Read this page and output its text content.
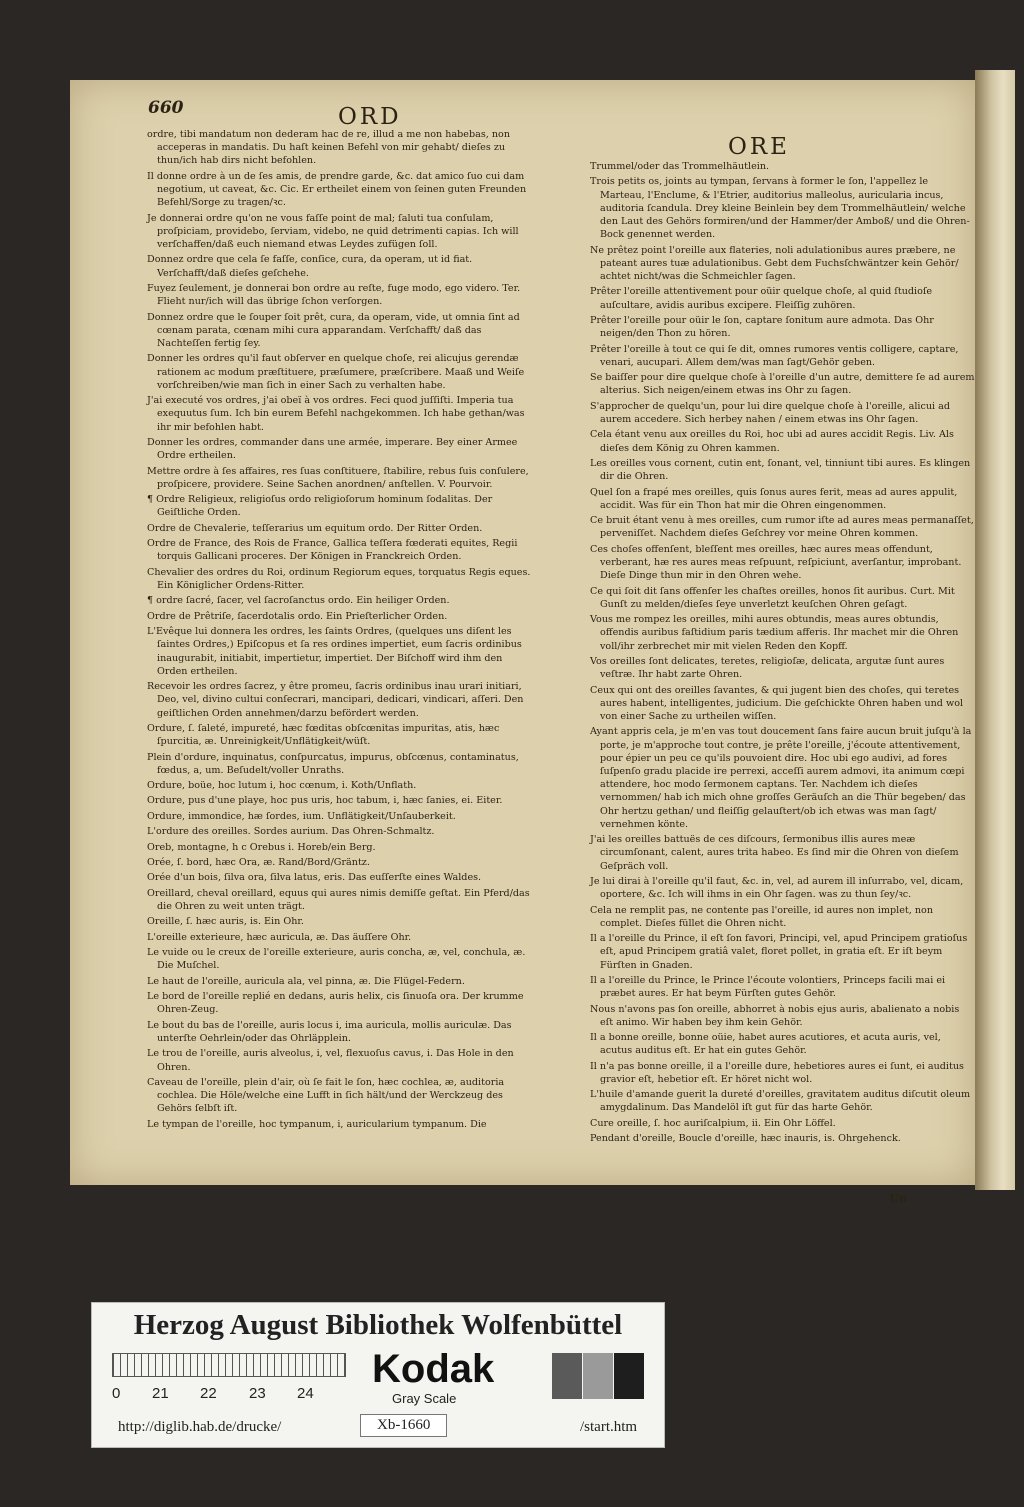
660	ORD
ORE
ordre, tibi mandatum non dederam hac de re, illud a me non habebas, non acceperas in mandatis. Du haſt keinen Befehl von mir gehabt/ dieſes zu thun/ich hab dirs nicht befohlen.
Il donne ordre à un de ſes amis, de prendre garde, &c. dat amico ſuo cui dam negotium, ut caveat, &c. Cic. Er ertheilet einem von ſeinen guten Freunden Befehl/Sorge zu tragen/ꝛc.
Je donnerai ordre qu'on ne vous faſſe point de mal; ſaluti tua conſulam, proſpiciam, providebo, ſerviam, videbo, ne quid detrimenti capias. Ich will verſchaffen/daß euch niemand etwas Leydes zufügen ſoll.
Donnez ordre que cela ſe faſſe, conſice, cura, da operam, ut id fiat. Verſchafft/daß dieſes geſchehe.
Fuyez ſeulement, je donnerai bon ordre au reſte, fuge modo, ego videro. Ter. Flieht nur/ich will das übrige ſchon verſorgen.
Donnez ordre que le ſouper ſoit prêt, cura, da operam, vide, ut omnia ſint ad cœnam parata, cœnam mihi cura apparandam. Verſchafft/ daß das Nachteſſen fertig ſey.
Donner les ordres qu'il faut obſerver en quelque choſe, rei alicujus gerendæ rationem ac modum præſtituere, præſumere, præſcribere. Maaß und Weiſe vorſchreiben/wie man ſich in einer Sach zu verhalten habe.
J'ai executé vos ordres, j'ai obeï à vos ordres. Feci quod juſſiſti. Imperia tua exequutus ſum. Ich bin eurem Befehl nachgekommen. Ich habe gethan/was ihr mir befohlen habt.
Donner les ordres, commander dans une armée, imperare. Bey einer Armee Ordre ertheilen.
Mettre ordre à ſes affaires, res ſuas conſtituere, ſtabilire, rebus ſuis conſulere, proſpicere, providere. Seine Sachen anordnen/ anſtellen. V. Pourvoir.
¶ Ordre Religieux, religioſus ordo religioſorum hominum ſodalitas. Der Geiſtliche Orden.
Ordre de Chevalerie, teſſerarius um equitum ordo. Der Ritter Orden.
Ordre de France, des Rois de France, Gallica teſſera fœderati equites, Regii torquis Gallicani proceres. Der Königen in Franckreich Orden.
Chevalier des ordres du Roi, ordinum Regiorum eques, torquatus Regis eques. Ein Königlicher Ordens-Ritter.
¶ ordre ſacré, ſacer, vel ſacroſanctus ordo. Ein heiliger Orden.
Ordre de Prêtriſe, ſacerdotalis ordo. Ein Prieſterlicher Orden.
L'Evêque lui donnera les ordres, les ſaints Ordres, (quelques uns diſent les ſaintes Ordres,) Epiſcopus et ſa res ordines impertiet, eum ſacris ordinibus inaugurabit, initiabit, impertietur, impertiet. Der Biſchoff wird ihm den Orden ertheilen.
Recevoir les ordres ſacrez, y être promeu, ſacris ordinibus inau urari initiari, Deo, vel, divino cultui conſecrari, mancipari, dedicari, vindicari, aſſeri. Den geiſtlichen Orden annehmen/darzu befördert werden.
Ordure, ſ. ſaleté, impureté, hæc fœditas obſcœnitas impuritas, atis, hæc ſpurcitia, æ. Unreinigkeit/Unflätigkeit/wüſt.
Plein d'ordure, inquinatus, conſpurcatus, impurus, obſcœnus, contaminatus, fœdus, a, um. Beſudelt/voller Unraths.
Ordure, boüe, hoc lutum i, hoc cœnum, i. Koth/Unflath.
Ordure, pus d'une playe, hoc pus uris, hoc tabum, i, hæc ſanies, ei. Eiter.
Ordure, immondice, hæ ſordes, ium. Unflätigkeit/Unſauberkeit.
L'ordure des oreilles. Sordes aurium. Das Ohren-Schmaltz.
Oreb, montagne, h c Orebus i. Horeb/ein Berg.
Orée, ſ. bord, hæc Ora, æ. Rand/Bord/Gräntz.
Orée d'un bois, ſilva ora, ſilva latus, eris. Das euſſerſte eines Waldes.
Oreillard, cheval oreillard, equus qui aures nimis demiſſe geſtat. Ein Pferd/das die Ohren zu weit unten trägt.
Oreille, ſ. hæc auris, is. Ein Ohr.
L'oreille exterieure, hæc auricula, æ. Das äuſſere Ohr.
Le vuide ou le creux de l'oreille exterieure, auris concha, æ, vel, conchula, æ. Die Muſchel.
Le haut de l'oreille, auricula ala, vel pinna, æ. Die Flügel-Federn.
Le bord de l'oreille replié en dedans, auris helix, cis ſinuoſa ora. Der krumme Ohren-Zeug.
Le bout du bas de l'oreille, auris locus i, ima auricula, mollis auriculæ. Das unterſte Oehrlein/oder das Ohrläpplein.
Le trou de l'oreille, auris alveolus, i, vel, flexuoſus cavus, i. Das Hole in den Ohren.
Caveau de l'oreille, plein d'air, où ſe fait le ſon, hæc cochlea, æ, auditoria cochlea. Die Höle/welche eine Lufft in ſich hält/und der Werckzeug des Gehörs ſelbſt iſt.
Le tympan de l'oreille, hoc tympanum, i, auricularium tympanum. Die
Trummel/oder das Trommelhäutlein.
Trois petits os, joints au tympan, ſervans à former le ſon, l'appellez le Marteau, l'Enclume, & l'Etrier, auditorius malleolus, auricularia incus, auditoria ſcandula. Drey kleine Beinlein bey dem Trommelhäutlein/ welche den Laut des Gehörs formiren/und der Hammer/der Amboß/ und die Ohren-Bock genennet werden.
Ne prêtez point l'oreille aux flateries, noli adulationibus aures præbere, ne pateant aures tuæ adulationibus. Gebt dem Fuchsſchwäntzer kein Gehör/ achtet nicht/was die Schmeichler ſagen.
Prêter l'oreille attentivement pour oüir quelque choſe, al quid ſtudioſe auſcultare, avidis auribus excipere. Fleiſſig zuhören.
Prêter l'oreille pour oüir le ſon, captare ſonitum aure admota. Das Ohr neigen/den Thon zu hören.
Prêter l'oreille à tout ce qui ſe dit, omnes rumores ventis colligere, captare, venari, aucupari. Allem dem/was man ſagt/Gehör geben.
Se baiſſer pour dire quelque choſe à l'oreille d'un autre, demittere ſe ad aurem alterius. Sich neigen/einem etwas ins Ohr zu ſagen.
S'approcher de quelqu'un, pour lui dire quelque choſe à l'oreille, alicui ad aurem accedere. Sich herbey nahen / einem etwas ins Ohr ſagen.
Cela étant venu aux oreilles du Roi, hoc ubi ad aures accidit Regis. Liv. Als dieſes dem König zu Ohren kammen.
Les oreilles vous cornent, cutin ent, ſonant, vel, tinniunt tibi aures. Es klingen dir die Ohren.
Quel ſon a frapé mes oreilles, quis ſonus aures ferit, meas ad aures appulit, accidit. Was für ein Thon hat mir die Ohren eingenommen.
Ce bruit étant venu à mes oreilles, cum rumor iſte ad aures meas permanaſſet, perveniſſet. Nachdem dieſes Geſchrey vor meine Ohren kommen.
Ces choſes offenſent, bleſſent mes oreilles, hæc aures meas offendunt, verberant, hæ res aures meas reſpuunt, reſpiciunt, averſantur, improbant. Dieſe Dinge thun mir in den Ohren wehe.
Ce qui ſoit dit ſans offenſer les chaſtes oreilles, honos ſit auribus. Curt. Mit Gunſt zu melden/dieſes ſeye unverletzt keuſchen Ohren geſagt.
Vous me rompez les oreilles, mihi aures obtundis, meas aures obtundis, offendis auribus faſtidium paris tædium afferis. Ihr machet mir die Ohren voll/ihr zerbrechet mir mit vielen Reden den Kopff.
Vos oreilles ſont delicates, teretes, religioſæ, delicata, argutæ ſunt aures veſtræ. Ihr habt zarte Ohren.
Ceux qui ont des oreilles ſavantes, & qui jugent bien des choſes, qui teretes aures habent, intelligentes, judicium. Die geſchickte Ohren haben und wol von einer Sache zu urtheilen wiſſen.
Ayant appris cela, je m'en vas tout doucement ſans faire aucun bruit juſqu'à la porte, je m'approche tout contre, je prête l'oreille, j'écoute attentivement, pour épier un peu ce qu'ils pouvoient dire. Hoc ubi ego audivi, ad fores ſuſpenſo gradu placide ire perrexi, acceſſi aurem admovi, ita animum cœpi attendere, hoc modo ſermonem captans. Ter. Nachdem ich dieſes vernommen/ hab ich mich ohne groſſes Geräuſch an die Thür begeben/ das Ohr hertzu gethan/ und fleiſſig gelauſtert/ob ich etwas was man ſagt/ vernehmen könte.
J'ai les oreilles battuës de ces diſcours, ſermonibus illis aures meæ circumſonant, calent, aures trita habeo. Es ſind mir die Ohren von dieſem Geſpräch voll.
Je lui dirai à l'oreille qu'il faut, &c. in, vel, ad aurem ill inſurrabo, vel, dicam, oportere, &c. Ich will ihms in ein Ohr ſagen. was zu thun ſey/ꝛc.
Cela ne remplit pas, ne contente pas l'oreille, id aures non implet, non complet. Dieſes füllet die Ohren nicht.
Il a l'oreille du Prince, il eſt ſon favori, Principi, vel, apud Principem gratioſus eſt, apud Principem gratiâ valet, floret pollet, in gratia eſt. Er iſt beym Fürſten in Gnaden.
Il a l'oreille du Prince, le Prince l'écoute volontiers, Princeps facili mai ei præbet aures. Er hat beym Fürſten gutes Gehör.
Nous n'avons pas ſon oreille, abhorret à nobis ejus auris, abalienato a nobis eſt animo. Wir haben bey ihm kein Gehör.
Il a bonne oreille, bonne oüie, habet aures acutiores, et acuta auris, vel, acutus auditus eſt. Er hat ein gutes Gehör.
Il n'a pas bonne oreille, il a l'oreille dure, hebetiores aures ei ſunt, ei auditus gravior eſt, hebetior eſt. Er höret nicht wol.
L'huile d'amande guerit la dureté d'oreilles, gravitatem auditus diſcutit oleum amygdalinum. Das Mandelöl iſt gut für das harte Gehör.
Cure oreille, ſ. hoc auriſcalpium, ii. Ein Ohr Löffel.
Pendant d'oreille, Boucle d'oreille, hæc inauris, is. Ohrgehenck.
Un
Herzog August Bibliothek Wolfenbüttel
0 21 22 23 24
Kodak
Gray Scale
http://diglib.hab.de/drucke/	Xb-1660	/start.htm
